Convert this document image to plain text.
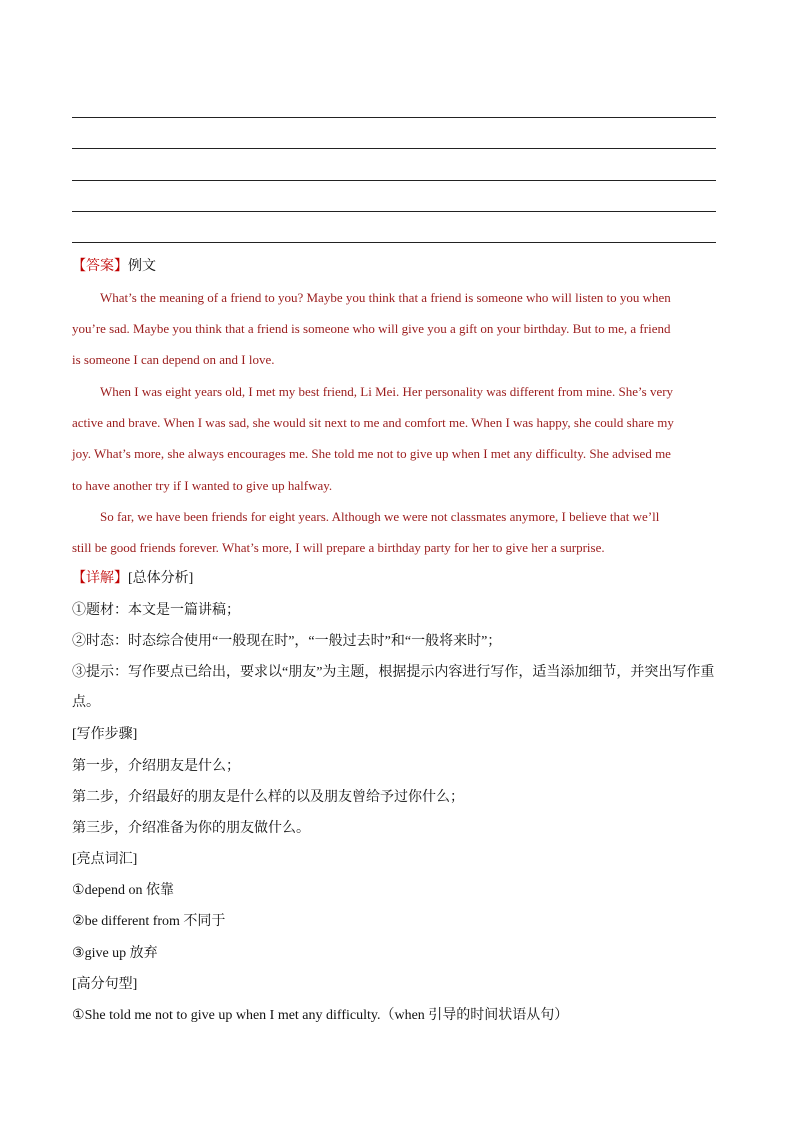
【答案】例文
What’s the meaning of a friend to you? Maybe you think that a friend is someone who will listen to you when
you’re sad. Maybe you think that a friend is someone who will give you a gift on your birthday. But to me, a friend
is someone I can depend on and I love.
When I was eight years old, I met my best friend, Li Mei. Her personality was different from mine. She’s very
active and brave. When I was sad, she would sit next to me and comfort me. When I was happy, she could share my
joy. What’s more, she always encourages me. She told me not to give up when I met any difficulty. She advised me
to have another try if I wanted to give up halfway.
So far, we have been friends for eight years. Although we were not classmates anymore, I believe that we’ll
still be good friends forever. What’s more, I will prepare a birthday party for her to give her a surprise.
【详解】[总体分析]
①题材：本文是一篇讲稿；
②时态：时态综合使用“一般现在时”，“一般过去时”和“一般将来时”；
③提示：写作要点已给出，要求以“朋友”为主题，根据提示内容进行写作，适当添加细节，并突出写作重
点。
[写作步骤]
第一步，介绍朋友是什么；
第二步，介绍最好的朋友是什么样的以及朋友曾给予过你什么；
第三步，介绍准备为你的朋友做什么。
[亮点词汇]
①depend on 依靠
②be different from 不同于
③give up 放弃
[高分句型]
①She told me not to give up when I met any difficulty.（when 引导的时间状语从句）
